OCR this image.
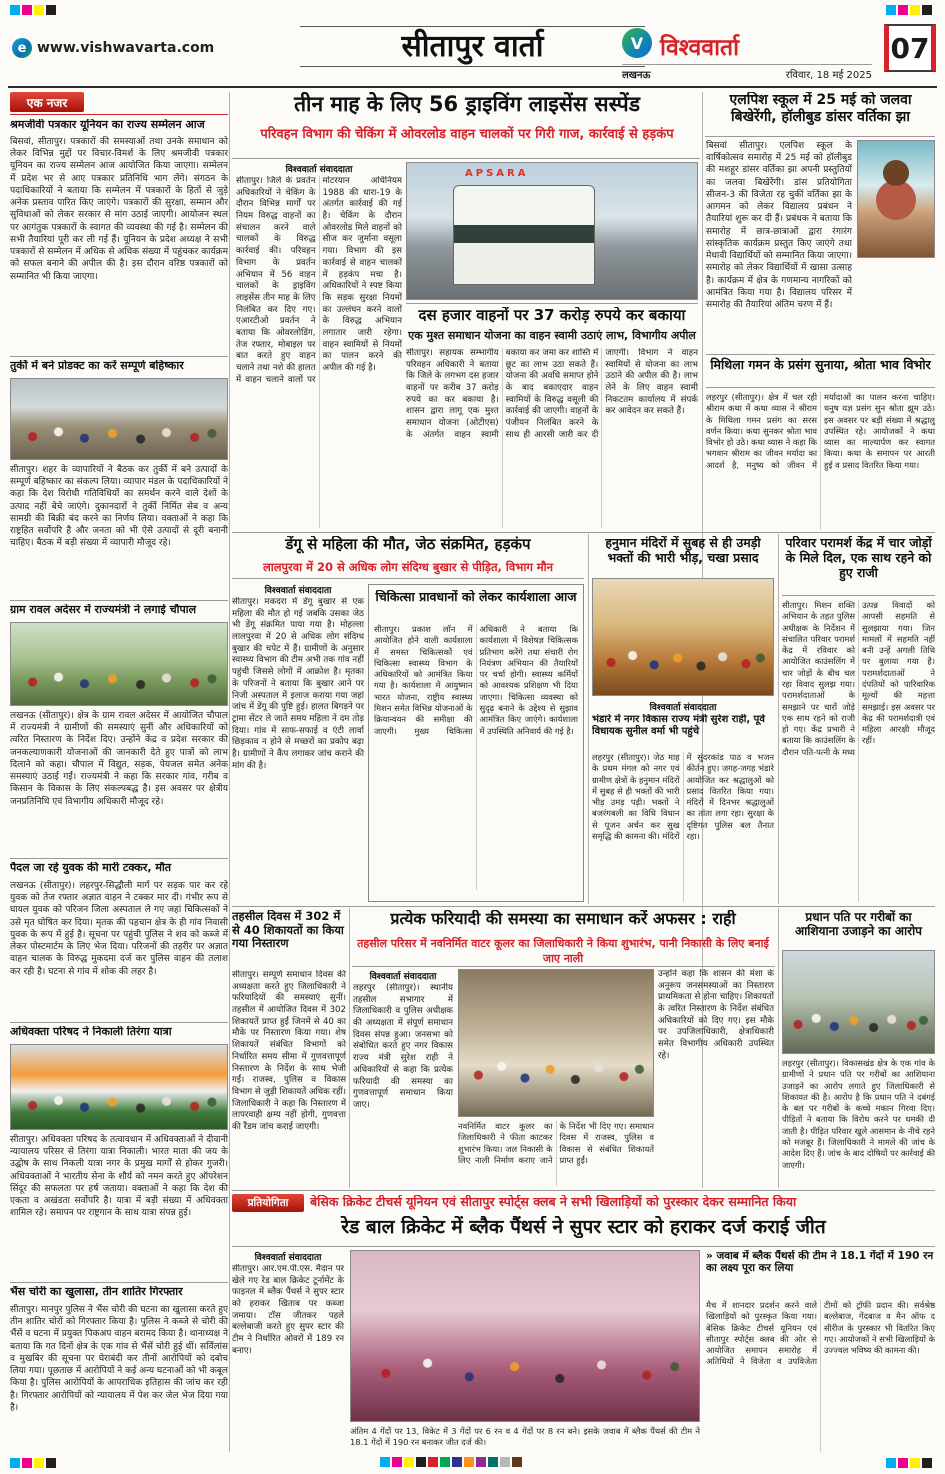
e www.vishwavarta.com	सीतापुर वार्ता	V विश्ववार्ता
लखनऊ	रविवार, 18 मई 2025
07
एक नजर
श्रमजीवी पत्रकार यूनियन का राज्य सम्मेलन आज
बिसवां, सीतापुर। पत्रकारों की समस्याओं तथा उनके समाधान को लेकर विभिन्न मुद्दों पर विचार-विमर्श के लिए श्रमजीवी पत्रकार यूनियन का राज्य सम्मेलन आज आयोजित किया जाएगा। सम्मेलन में प्रदेश भर से आए पत्रकार प्रतिनिधि भाग लेंगे। संगठन के पदाधिकारियों ने बताया कि सम्मेलन में पत्रकारों के हितों से जुड़े अनेक प्रस्ताव पारित किए जाएंगे। पत्रकारों की सुरक्षा, सम्मान और सुविधाओं को लेकर सरकार से मांग उठाई जाएगी। आयोजन स्थल पर आगंतुक पत्रकारों के स्वागत की व्यवस्था की गई है। सम्मेलन की सभी तैयारियां पूरी कर ली गई हैं। यूनियन के प्रदेश अध्यक्ष ने सभी पत्रकारों से सम्मेलन में अधिक से अधिक संख्या में पहुंचकर कार्यक्रम को सफल बनाने की अपील की है। इस दौरान वरिष्ठ पत्रकारों को सम्मानित भी किया जाएगा।
तुर्की में बने प्रोडक्ट का करें सम्पूर्ण बहिष्कार
सीतापुर। शहर के व्यापारियों ने बैठक कर तुर्की में बने उत्पादों के सम्पूर्ण बहिष्कार का संकल्प लिया। व्यापार मंडल के पदाधिकारियों ने कहा कि देश विरोधी गतिविधियों का समर्थन करने वाले देशों के उत्पाद नहीं बेचे जाएंगे। दुकानदारों ने तुर्की निर्मित सेब व अन्य सामग्री की बिक्री बंद करने का निर्णय लिया। वक्ताओं ने कहा कि राष्ट्रहित सर्वोपरि है और जनता को भी ऐसे उत्पादों से दूरी बनानी चाहिए। बैठक में बड़ी संख्या में व्यापारी मौजूद रहे।
ग्राम रावल अदेसर में राज्यमंत्री ने लगाई चौपाल
लखनऊ (सीतापुर)। क्षेत्र के ग्राम रावल अदेसर में आयोजित चौपाल में राज्यमंत्री ने ग्रामीणों की समस्याएं सुनीं और अधिकारियों को त्वरित निस्तारण के निर्देश दिए। उन्होंने केंद्र व प्रदेश सरकार की जनकल्याणकारी योजनाओं की जानकारी देते हुए पात्रों को लाभ दिलाने को कहा। चौपाल में विद्युत, सड़क, पेयजल समेत अनेक समस्याएं उठाई गईं। राज्यमंत्री ने कहा कि सरकार गांव, गरीब व किसान के विकास के लिए संकल्पबद्ध है। इस अवसर पर क्षेत्रीय जनप्रतिनिधि एवं विभागीय अधिकारी मौजूद रहे।
पैदल जा रहे युवक की मारी टक्कर, मौत
लखनऊ (सीतापुर)। लहरपुर-सिद्धौली मार्ग पर सड़क पार कर रहे युवक को तेज रफ्तार अज्ञात वाहन ने टक्कर मार दी। गंभीर रूप से घायल युवक को परिजन जिला अस्पताल ले गए जहां चिकित्सकों ने उसे मृत घोषित कर दिया। मृतक की पहचान क्षेत्र के ही गांव निवासी युवक के रूप में हुई है। सूचना पर पहुंची पुलिस ने शव को कब्जे में लेकर पोस्टमार्टम के लिए भेज दिया। परिजनों की तहरीर पर अज्ञात वाहन चालक के विरुद्ध मुकदमा दर्ज कर पुलिस वाहन की तलाश कर रही है। घटना से गांव में शोक की लहर है।
अधिवक्ता परिषद ने निकाली तिरंगा यात्रा
सीतापुर। अधिवक्ता परिषद के तत्वावधान में अधिवक्ताओं ने दीवानी न्यायालय परिसर से तिरंगा यात्रा निकाली। भारत माता की जय के उद्घोष के साथ निकली यात्रा नगर के प्रमुख मार्गों से होकर गुजरी। अधिवक्ताओं ने भारतीय सेना के शौर्य को नमन करते हुए ऑपरेशन सिंदूर की सफलता पर हर्ष जताया। वक्ताओं ने कहा कि देश की एकता व अखंडता सर्वोपरि है। यात्रा में बड़ी संख्या में अधिवक्ता शामिल रहे। समापन पर राष्ट्रगान के साथ यात्रा संपन्न हुई।
भैंस चोरी का खुलासा, तीन शातिर गिरफ्तार
सीतापुर। मानपुर पुलिस ने भैंस चोरी की घटना का खुलासा करते हुए तीन शातिर चोरों को गिरफ्तार किया है। पुलिस ने कब्जे से चोरी की भैंसें व घटना में प्रयुक्त पिकअप वाहन बरामद किया है। थानाध्यक्ष ने बताया कि गत दिनों क्षेत्र के एक गांव से भैंसें चोरी हुई थीं। सर्विलांस व मुखबिर की सूचना पर घेराबंदी कर तीनों आरोपियों को दबोच लिया गया। पूछताछ में आरोपियों ने कई अन्य घटनाओं को भी कबूल किया है। पुलिस आरोपियों के आपराधिक इतिहास की जांच कर रही है। गिरफ्तार आरोपियों को न्यायालय में पेश कर जेल भेज दिया गया है।
तीन माह के लिए 56 ड्राइविंग लाइसेंस सस्पेंड
परिवहन विभाग की चेकिंग में ओवरलोड वाहन चालकों पर गिरी गाज, कार्रवाई से हड़कंप
विश्ववार्ता संवाददाता
सीतापुर। जिले के प्रवर्तन अधिकारियों ने चेकिंग के दौरान विभिन्न मार्गों पर नियम विरुद्ध वाहनों का संचालन करने वाले चालकों के विरुद्ध कार्रवाई की। परिवहन विभाग के प्रवर्तन अभियान में 56 वाहन चालकों के ड्राइविंग लाइसेंस तीन माह के लिए निलंबित कर दिए गए। एआरटीओ प्रवर्तन ने बताया कि ओवरलोडिंग, तेज रफ्तार, मोबाइल पर बात करते हुए वाहन चलाने तथा नशे की हालत में वाहन चलाने वालों पर मोटरयान अधिनियम 1988 की धारा-19 के अंतर्गत कार्रवाई की गई है। चेकिंग के दौरान ओवरलोड मिले वाहनों को सीज कर जुर्माना वसूला गया। विभाग की इस कार्रवाई से वाहन चालकों में हड़कंप मचा है। अधिकारियों ने स्पष्ट किया कि सड़क सुरक्षा नियमों का उल्लंघन करने वालों के विरुद्ध अभियान लगातार जारी रहेगा। वाहन स्वामियों से नियमों का पालन करने की अपील की गई है।
APSARA
दस हजार वाहनों पर 37 करोड़ रुपये कर बकाया
एक मुश्त समाधान योजना का वाहन स्वामी उठाएं लाभ, विभागीय अपील
सीतापुर। सहायक सम्भागीय परिवहन अधिकारी ने बताया कि जिले के लगभग दस हजार वाहनों पर करीब 37 करोड़ रुपये का कर बकाया है। शासन द्वारा लागू एक मुश्त समाधान योजना (ओटीएस) के अंतर्गत वाहन स्वामी बकाया कर जमा कर शास्ति में छूट का लाभ उठा सकते हैं। योजना की अवधि समाप्त होने के बाद बकाएदार वाहन स्वामियों के विरुद्ध वसूली की कार्रवाई की जाएगी। वाहनों के पंजीयन निलंबित करने के साथ ही आरसी जारी कर दी जाएगी। विभाग ने वाहन स्वामियों से योजना का लाभ उठाने की अपील की है। लाभ लेने के लिए वाहन स्वामी निकटतम कार्यालय में संपर्क कर आवेदन कर सकते हैं।
एलपिश स्कूल में 25 मई को जलवा बिखेरेंगी, हॉलीबुड डांसर वर्तिका झा
बिसवां सीतापुर। एलपिश स्कूल के वार्षिकोत्सव समारोह में 25 मई को हॉलीबुड की मशहूर डांसर वर्तिका झा अपनी प्रस्तुतियों का जलवा बिखेरेंगी। डांस प्रतियोगिता सीजन-3 की विजेता रह चुकीं वर्तिका झा के आगमन को लेकर विद्यालय प्रबंधन ने तैयारियां शुरू कर दी हैं। प्रबंधक ने बताया कि समारोह में छात्र-छात्राओं द्वारा रंगारंग सांस्कृतिक कार्यक्रम प्रस्तुत किए जाएंगे तथा मेधावी विद्यार्थियों को सम्मानित किया जाएगा। समारोह को लेकर विद्यार्थियों में खासा उत्साह है। कार्यक्रम में क्षेत्र के गणमान्य नागरिकों को आमंत्रित किया गया है। विद्यालय परिसर में समारोह की तैयारियां अंतिम चरण में हैं।
मिथिला गमन के प्रसंग सुनाया, श्रोता भाव विभोर
लहरपुर (सीतापुर)। क्षेत्र में चल रही श्रीराम कथा में कथा व्यास ने श्रीराम के मिथिला गमन प्रसंग का सरस वर्णन किया। कथा सुनकर श्रोता भाव विभोर हो उठे। कथा व्यास ने कहा कि भगवान श्रीराम का जीवन मर्यादा का आदर्श है, मनुष्य को जीवन में मर्यादाओं का पालन करना चाहिए। धनुष यज्ञ प्रसंग सुन श्रोता झूम उठे। इस अवसर पर बड़ी संख्या में श्रद्धालु उपस्थित रहे। आयोजकों ने कथा व्यास का माल्यार्पण कर स्वागत किया। कथा के समापन पर आरती हुई व प्रसाद वितरित किया गया।
डेंगू से महिला की मौत, जेठ संक्रमित, हड़कंप
लालपुरवा में 20 से अधिक लोग संदिग्ध बुखार से पीड़ित, विभाग मौन
विश्ववार्ता संवाददाता
सीतापुर। मकदरा में डेंगू बुखार से एक महिला की मौत हो गई जबकि उसका जेठ भी डेंगू संक्रमित पाया गया है। मोहल्ला लालपुरवा में 20 से अधिक लोग संदिग्ध बुखार की चपेट में हैं। ग्रामीणों के अनुसार स्वास्थ्य विभाग की टीम अभी तक गांव नहीं पहुंची जिससे लोगों में आक्रोश है। मृतका के परिजनों ने बताया कि बुखार आने पर निजी अस्पताल में इलाज कराया गया जहां जांच में डेंगू की पुष्टि हुई। हालत बिगड़ने पर ट्रामा सेंटर ले जाते समय महिला ने दम तोड़ दिया। गांव में साफ-सफाई व एंटी लार्वा छिड़काव न होने से मच्छरों का प्रकोप बढ़ा है। ग्रामीणों ने कैंप लगाकर जांच कराने की मांग की है।
चिकित्सा प्रावधानों को लेकर कार्यशाला आज
सीतापुर। प्रकाश लॉन में आयोजित होने वाली कार्यशाला में समस्त चिकित्सकों एवं चिकित्सा स्वास्थ्य विभाग के अधिकारियों को आमंत्रित किया गया है। कार्यशाला में आयुष्मान भारत योजना, राष्ट्रीय स्वास्थ्य मिशन समेत विभिन्न योजनाओं के क्रियान्वयन की समीक्षा की जाएगी। मुख्य चिकित्सा अधिकारी ने बताया कि कार्यशाला में विशेषज्ञ चिकित्सक प्रतिभाग करेंगे तथा संचारी रोग नियंत्रण अभियान की तैयारियों पर चर्चा होगी। स्वास्थ्य कर्मियों को आवश्यक प्रशिक्षण भी दिया जाएगा। चिकित्सा व्यवस्था को सुदृढ़ बनाने के उद्देश्य से सुझाव आमंत्रित किए जाएंगे। कार्यशाला में उपस्थिति अनिवार्य की गई है।
हनुमान मंदिरों में सुबह से ही उमड़ी भक्तों की भारी भीड़, चखा प्रसाद
विश्ववार्ता संवाददाता
भंडारे में नगर विकास राज्य मंत्री सुरेश राही, पूर्व विधायक सुनील वर्मा भी पहुंचे
लहरपुर (सीतापुर)। जेठ माह के प्रथम मंगल को नगर एवं ग्रामीण क्षेत्रों के हनुमान मंदिरों में सुबह से ही भक्तों की भारी भीड़ उमड़ पड़ी। भक्तों ने बजरंगबली का विधि विधान से पूजन अर्चन कर सुख समृद्धि की कामना की। मंदिरों में सुंदरकांड पाठ व भजन कीर्तन हुए। जगह-जगह भंडारे आयोजित कर श्रद्धालुओं को प्रसाद वितरित किया गया। मंदिरों में दिनभर श्रद्धालुओं का तांता लगा रहा। सुरक्षा के दृष्टिगत पुलिस बल तैनात रहा।
परिवार परामर्श केंद्र में चार जोड़ों के मिले दिल, एक साथ रहने को हुए राजी
सीतापुर। मिशन शक्ति अभियान के तहत पुलिस अधीक्षक के निर्देशन में संचालित परिवार परामर्श केंद्र में रविवार को आयोजित काउंसलिंग में चार जोड़ों के बीच चल रहा विवाद सुलझ गया। परामर्शदाताओं के समझाने पर चारों जोड़े एक साथ रहने को राजी हो गए। केंद्र प्रभारी ने बताया कि काउंसलिंग के दौरान पति-पत्नी के मध्य उत्पन्न विवादों को आपसी सहमति से सुलझाया गया। जिन मामलों में सहमति नहीं बनी उन्हें अगली तिथि पर बुलाया गया है। परामर्शदाताओं ने दंपतियों को पारिवारिक मूल्यों की महत्ता समझाई। इस अवसर पर केंद्र की परामर्शदात्री एवं महिला आरक्षी मौजूद रहीं।
तहसील दिवस में 302 में से 40 शिकायतों का किया गया निस्तारण
सीतापुर। सम्पूर्ण समाधान दिवस की अध्यक्षता करते हुए जिलाधिकारी ने फरियादियों की समस्याएं सुनीं। तहसील में आयोजित दिवस में 302 शिकायतें प्राप्त हुईं जिनमें से 40 का मौके पर निस्तारण किया गया। शेष शिकायतें संबंधित विभागों को निर्धारित समय सीमा में गुणवत्तापूर्ण निस्तारण के निर्देश के साथ भेजी गईं। राजस्व, पुलिस व विकास विभाग से जुड़ी शिकायतें अधिक रहीं। जिलाधिकारी ने कहा कि निस्तारण में लापरवाही क्षम्य नहीं होगी, गुणवत्ता की रैंडम जांच कराई जाएगी।
प्रत्येक फरियादी की समस्या का समाधान करें अफसर : राही
तहसील परिसर में नवनिर्मित वाटर कूलर का जिलाधिकारी ने किया शुभारंभ, पानी निकासी के लिए बनाई जाए नाली
विश्ववार्ता संवाददाता
लहरपुर (सीतापुर)। स्थानीय तहसील सभागार में जिलाधिकारी व पुलिस अधीक्षक की अध्यक्षता में संपूर्ण समाधान दिवस संपन्न हुआ। जनसभा को संबोधित करते हुए नगर विकास राज्य मंत्री सुरेश राही ने अधिकारियों से कहा कि प्रत्येक फरियादी की समस्या का गुणवत्तापूर्ण समाधान किया जाए।
नवनिर्मित वाटर कूलर का जिलाधिकारी ने फीता काटकर शुभारंभ किया। जल निकासी के लिए नाली निर्माण कराए जाने के निर्देश भी दिए गए। समाधान दिवस में राजस्व, पुलिस व विकास से संबंधित शिकायतें प्राप्त हुईं।
उन्होंने कहा कि शासन की मंशा के अनुरूप जनसमस्याओं का निस्तारण प्राथमिकता से होना चाहिए। शिकायतों के त्वरित निस्तारण के निर्देश संबंधित अधिकारियों को दिए गए। इस मौके पर उपजिलाधिकारी, क्षेत्राधिकारी समेत विभागीय अधिकारी उपस्थित रहे।
प्रधान पति पर गरीबों का आशियाना उजाड़ने का आरोप
लहरपुर (सीतापुर)। विकासखंड क्षेत्र के एक गांव के ग्रामीणों ने प्रधान पति पर गरीबों का आशियाना उजाड़ने का आरोप लगाते हुए जिलाधिकारी से शिकायत की है। आरोप है कि प्रधान पति ने दबंगई के बल पर गरीबों के कच्चे मकान गिरवा दिए। पीड़ितों ने बताया कि विरोध करने पर धमकी दी जाती है। पीड़ित परिवार खुले आसमान के नीचे रहने को मजबूर हैं। जिलाधिकारी ने मामले की जांच के आदेश दिए हैं। जांच के बाद दोषियों पर कार्रवाई की जाएगी।
प्रतियोगिता	बेसिक क्रिकेट टीचर्स यूनियन एवं सीतापुर स्पोर्ट्स क्लब ने सभी खिलाड़ियों को पुरस्कार देकर सम्मानित किया
रेड बाल क्रिकेट में ब्लैक पैंथर्स ने सुपर स्टार को हराकर दर्ज कराई जीत
विश्ववार्ता संवाददाता
सीतापुर। आर.एम.पी.एस. मैदान पर खेले गए रेड बाल क्रिकेट टूर्नामेंट के फाइनल में ब्लैक पैंथर्स ने सुपर स्टार को हराकर खिताब पर कब्जा जमाया। टॉस जीतकर पहले बल्लेबाजी करते हुए सुपर स्टार की टीम ने निर्धारित ओवरों में 189 रन बनाए।
अंतिम 4 गेंदों पर 13, विकेट में 3 गेंदों पर 6 रन व 4 गेंदों पर 8 रन बने। इसके जवाब में ब्लैक पैंथर्स की टीम ने 18.1 गेंदों में 190 रन बनाकर जीत दर्ज की।
» जवाब में ब्लैक पैंथर्स की टीम ने 18.1 गेंदों में 190 रन का लक्ष्य पूरा कर लिया
मैच में शानदार प्रदर्शन करने वाले खिलाड़ियों को पुरस्कृत किया गया। बेसिक क्रिकेट टीचर्स यूनियन एवं सीतापुर स्पोर्ट्स क्लब की ओर से आयोजित समापन समारोह में अतिथियों ने विजेता व उपविजेता टीमों को ट्रॉफी प्रदान की। सर्वश्रेष्ठ बल्लेबाज, गेंदबाज व मैन ऑफ द सीरीज के पुरस्कार भी वितरित किए गए। आयोजकों ने सभी खिलाड़ियों के उज्ज्वल भविष्य की कामना की।
